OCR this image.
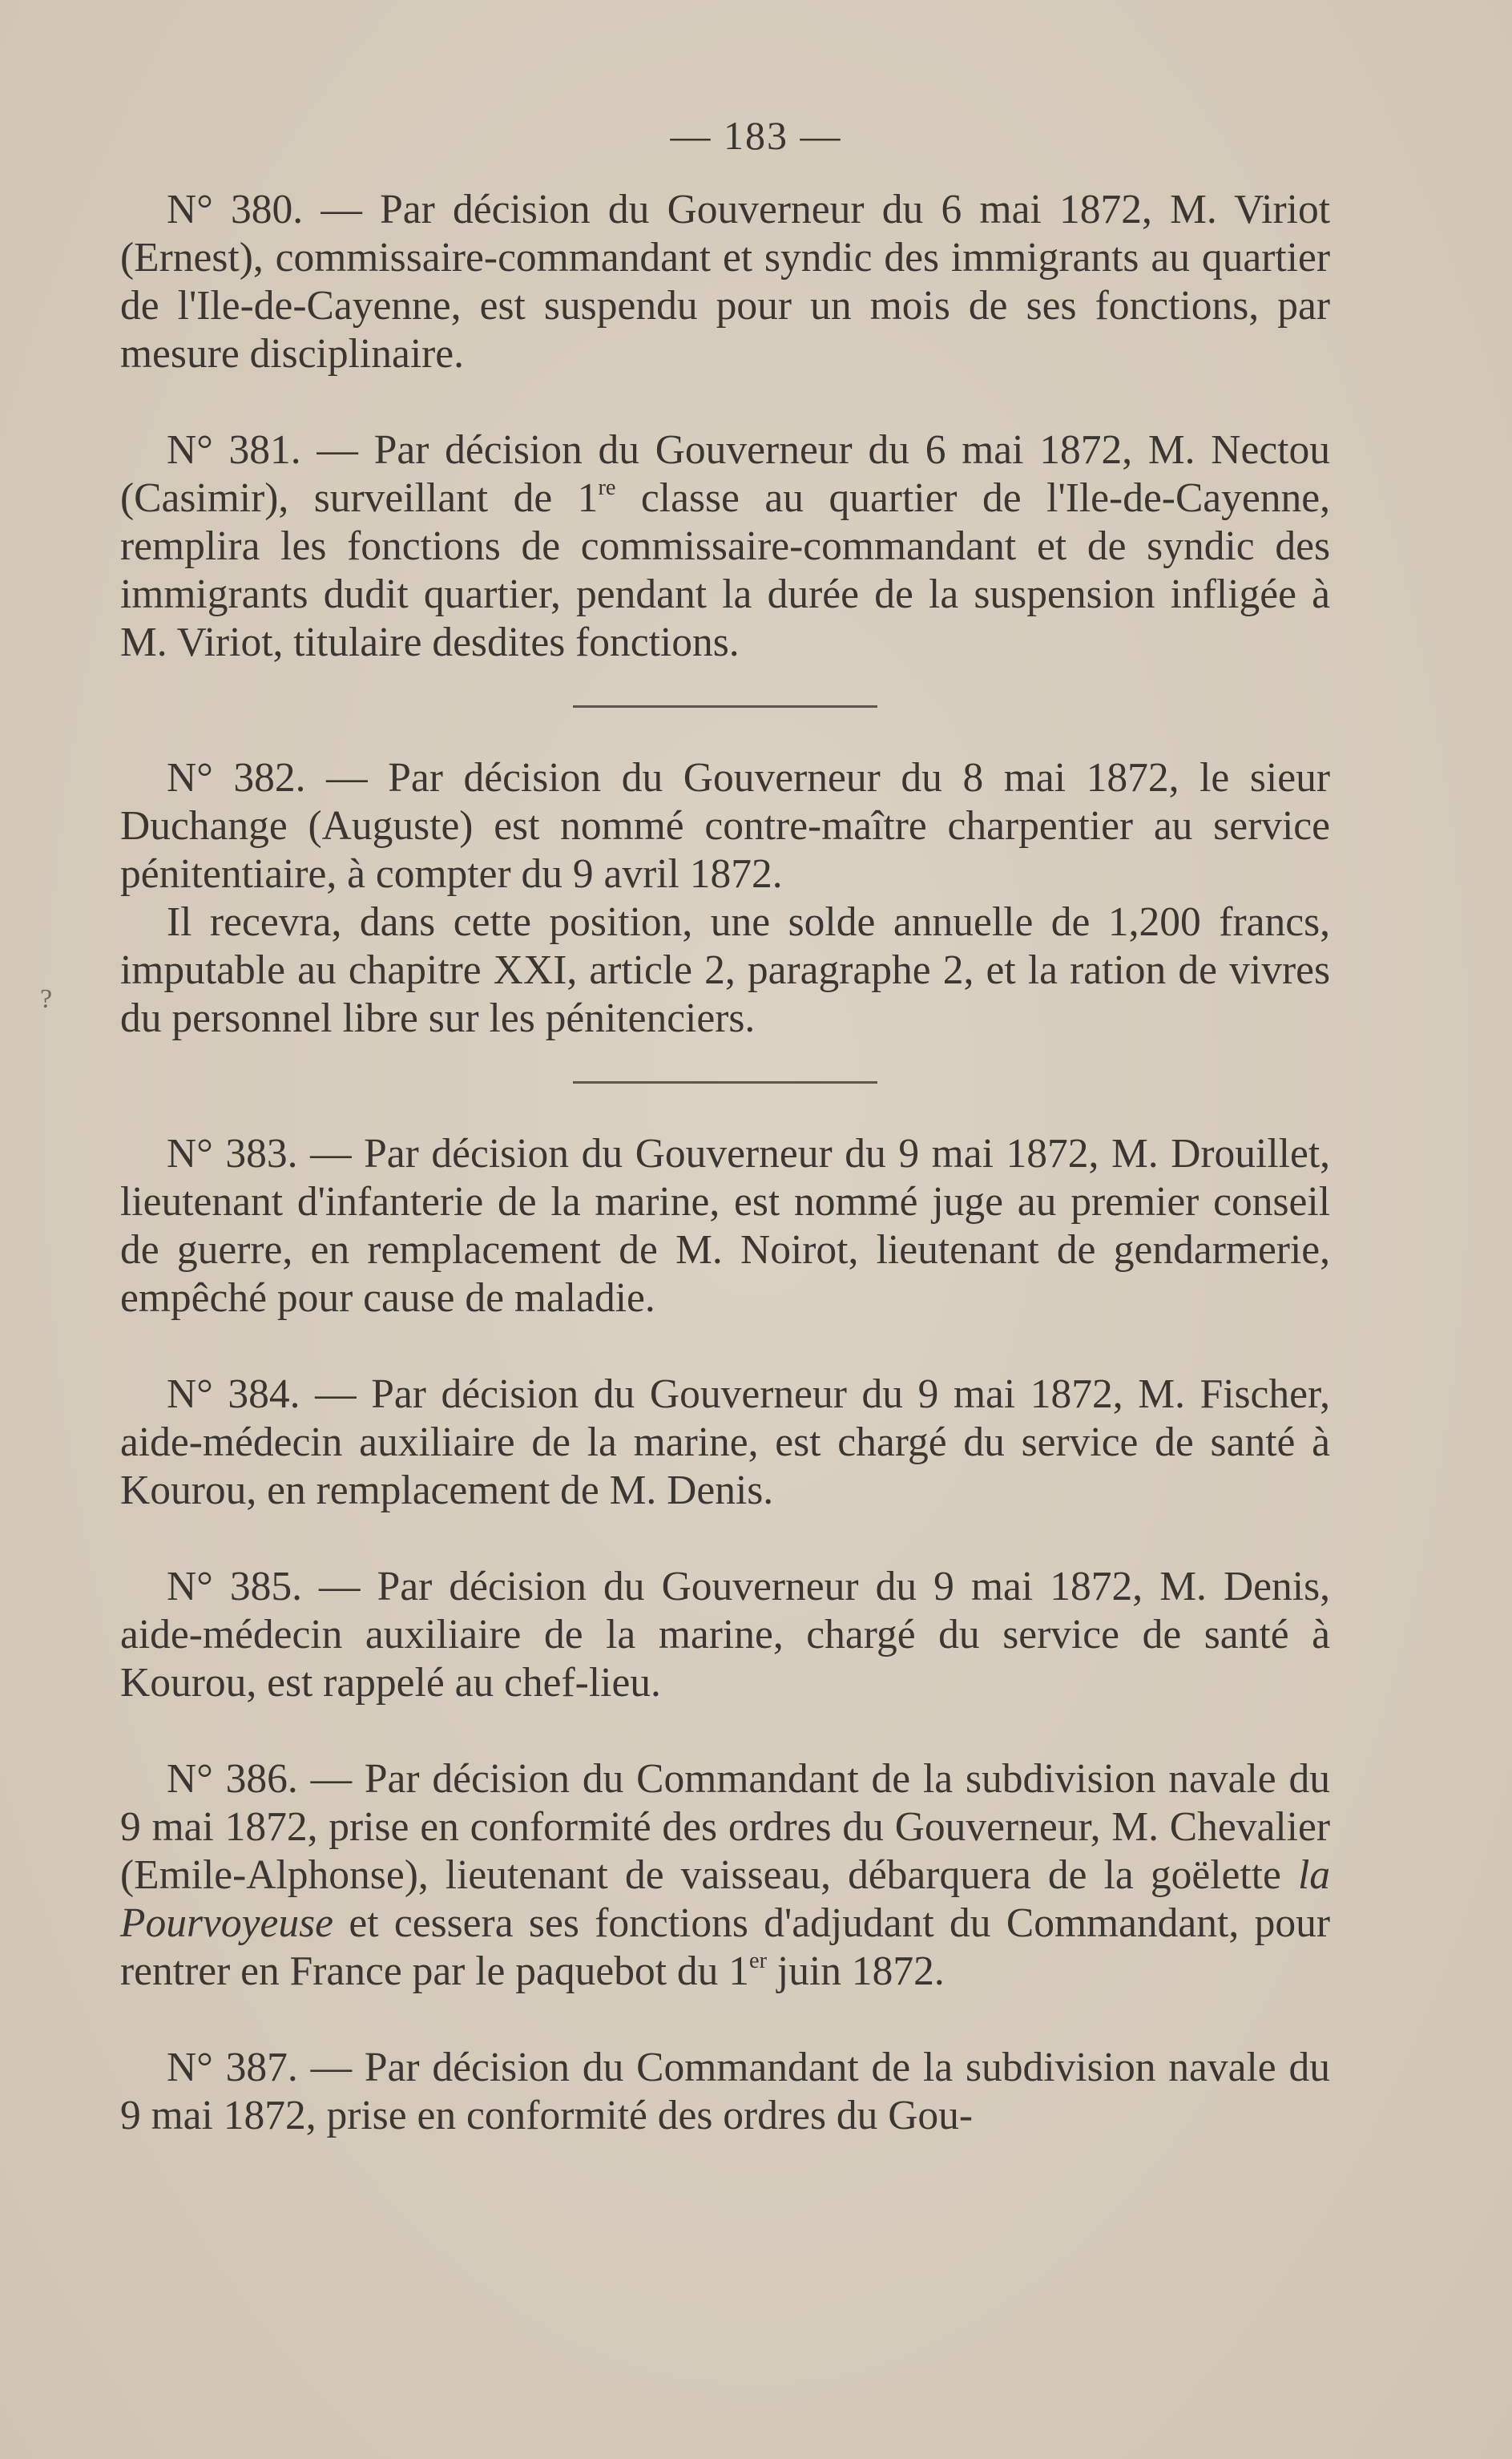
— 183 —
?

N° 380. — Par décision du Gouverneur du 6 mai 1872, M. Viriot (Ernest), commissaire-commandant et syndic des immigrants au quartier de l'Ile-de-Cayenne, est suspendu pour un mois de ses fonctions, par mesure disciplinaire.

N° 381. — Par décision du Gouverneur du 6 mai 1872, M. Nectou (Casimir), surveillant de 1re classe au quartier de l'Ile-de-Cayenne, remplira les fonctions de commissaire-commandant et de syndic des immigrants dudit quartier, pendant la durée de la suspension infligée à M. Viriot, titulaire desdites fonctions.

N° 382. — Par décision du Gouverneur du 8 mai 1872, le sieur Duchange (Auguste) est nommé contre-maître charpentier au service pénitentiaire, à compter du 9 avril 1872.

Il recevra, dans cette position, une solde annuelle de 1,200 francs, imputable au chapitre XXI, article 2, paragraphe 2, et la ration de vivres du personnel libre sur les pénitenciers.

N° 383. — Par décision du Gouverneur du 9 mai 1872, M. Drouillet, lieutenant d'infanterie de la marine, est nommé juge au premier conseil de guerre, en remplacement de M. Noirot, lieutenant de gendarmerie, empêché pour cause de maladie.

N° 384. — Par décision du Gouverneur du 9 mai 1872, M. Fischer, aide-médecin auxiliaire de la marine, est chargé du service de santé à Kourou, en remplacement de M. Denis.

N° 385. — Par décision du Gouverneur du 9 mai 1872, M. Denis, aide-médecin auxiliaire de la marine, chargé du service de santé à Kourou, est rappelé au chef-lieu.

N° 386. — Par décision du Commandant de la subdivision navale du 9 mai 1872, prise en conformité des ordres du Gouverneur, M. Chevalier (Emile-Alphonse), lieutenant de vaisseau, débarquera de la goëlette la Pourvoyeuse et cessera ses fonctions d'adjudant du Commandant, pour rentrer en France par le paquebot du 1er juin 1872.

N° 387. — Par décision du Commandant de la subdivision navale du 9 mai 1872, prise en conformité des ordres du Gou-
